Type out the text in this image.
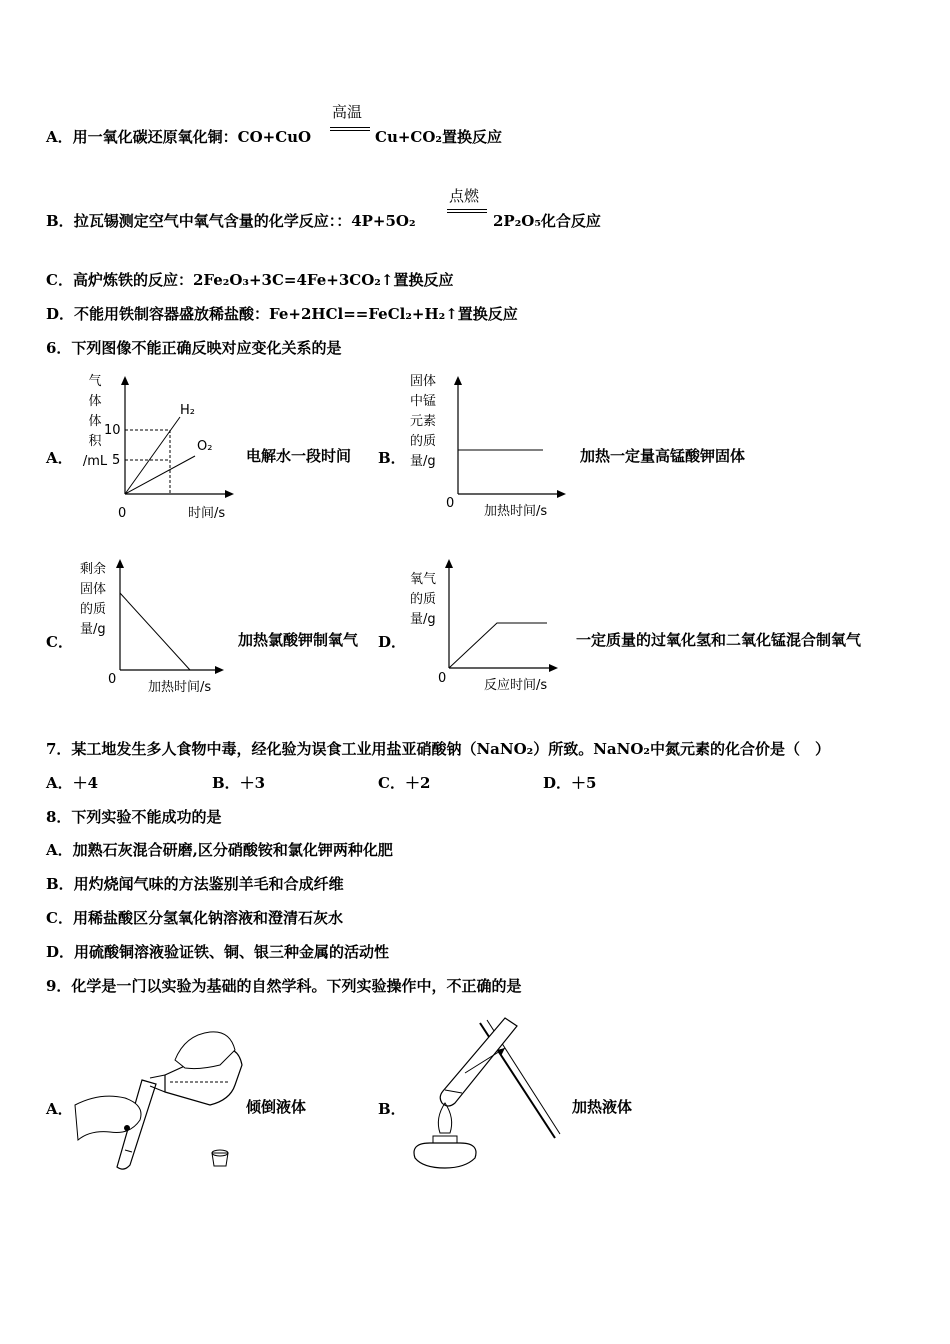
A．用一氧化碳还原氧化铜：CO+CuO
高温
Cu+CO₂置换反应
B．拉瓦锡测定空气中氧气含量的化学反应：：4P+5O₂
点燃
2P₂O₅化合反应
C．高炉炼铁的反应：2Fe₂O₃+3C=4Fe+3CO₂↑置换反应
D．不能用铁制容器盛放稀盐酸：Fe+2HCl==FeCl₂+H₂↑置换反应
6．下列图像不能正确反映对应变化关系的是
A．
气
体
体
积
/mL
10
5
H₂
O₂
0	时间/s
电解水一段时间 B．
固体
中锰
元素
的质
量/g
0
加热时间/s
加热一定量高锰酸钾固体
C．
剩余
固体
的质
量/g
0
加热时间/s
加热氯酸钾制氧气 D．
氧气
的质
量/g
0	反应时间/s
一定质量的过氧化氢和二氧化锰混合制氧气
7．某工地发生多人食物中毒，经化验为误食工业用盐亚硝酸钠（NaNO₂）所致。NaNO₂中氮元素的化合价是（　）
A．＋4	B．＋3	C．＋2	D．＋5
8．下列实验不能成功的是
A．加熟石灰混合研磨,区分硝酸铵和氯化钾两种化肥
B．用灼烧闻气味的方法鉴别羊毛和合成纤维
C．用稀盐酸区分氢氧化钠溶液和澄清石灰水
D．用硫酸铜溶液验证铁、铜、银三种金属的活动性
9．化学是一门以实验为基础的自然学科。下列实验操作中，不正确的是
A．	倾倒液体	B．	加热液体
